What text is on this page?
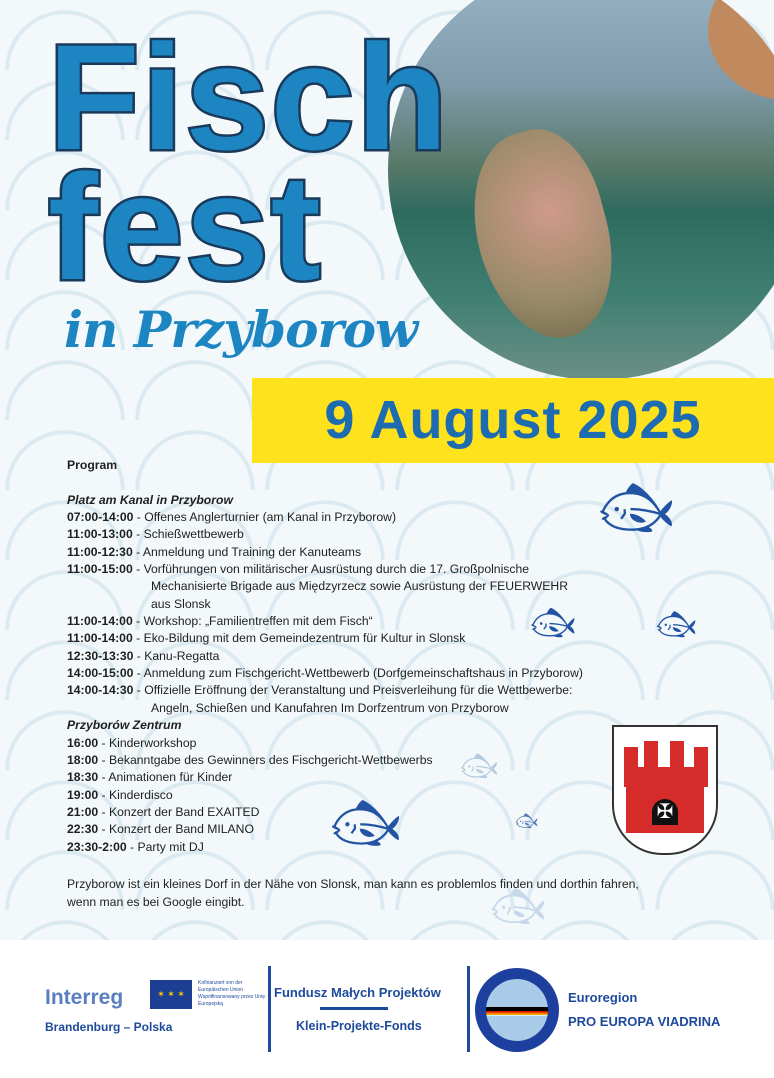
Fisch
fest
in Przyborow
9 August 2025
🐟︎
🐟︎	🐟︎
🐟︎
🐟︎
🐟︎
🐟︎
Program

Platz am Kanal in Przyborow
07:00-14:00 - Offenes Anglerturnier (am Kanal in Przyborow)
11:00-13:00 - Schießwettbewerb
11:00-12:30 - Anmeldung und Training der Kanuteams
11:00-15:00 - Vorführungen von militärischer Ausrüstung durch die 17. Großpolnische
Mechanisierte Brigade aus Międzyrzecz sowie Ausrüstung der FEUERWEHR
aus Slonsk
11:00-14:00 - Workshop: „Familientreffen mit dem Fisch“
11:00-14:00 - Eko-Bildung mit dem Gemeindezentrum für Kultur in Slonsk
12:30-13:30 - Kanu-Regatta
14:00-15:00 - Anmeldung zum Fischgericht-Wettbewerb (Dorfgemeinschaftshaus in Przyborow)
14:00-14:30 - Offizielle Eröffnung der Veranstaltung und Preisverleihung für die Wettbewerbe:
Angeln, Schießen und Kanufahren Im Dorfzentrum von Przyborow
Przyborów Zentrum
16:00 - Kinderworkshop
18:00 - Bekanntgabe des Gewinners des Fischgericht-Wettbewerbs
18:30 - Animationen für Kinder
19:00 - Kinderdisco
21:00 - Konzert der Band EXAITED
22:30 - Konzert der Band MILANO
23:30-2:00 - Party mit DJ
Przyborow ist ein kleines Dorf in der Nähe von Slonsk, man kann es problemlos finden und dorthin fahren,
wenn man es bei Google eingibt.
✠
Interreg	✶ ✶ ✶
Kofinanziert von der Europäischen Union
Współfinansowany przez Unię Europejską
Brandenburg – Polska
Fundusz Małych Projektów
Klein-Projekte-Fonds
Euroregion
PRO EUROPA VIADRINA
